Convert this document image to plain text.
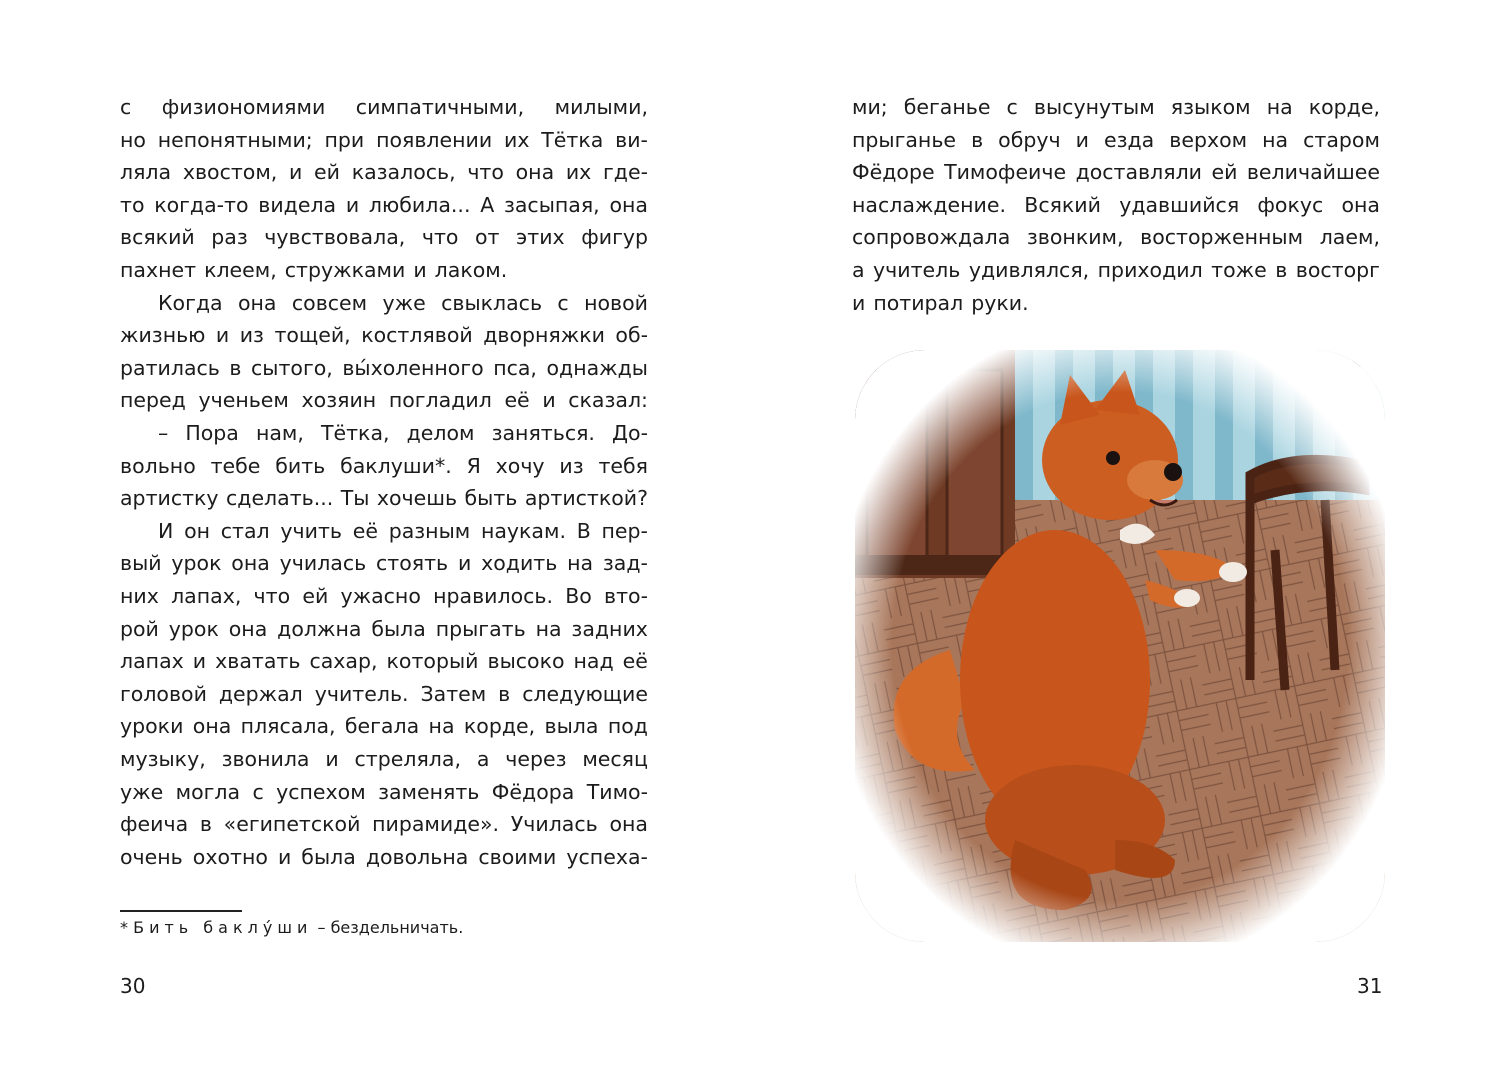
с физиономиями симпатичными, милыми,
но непонятными; при появлении их Тётка ви-
ляла хвостом, и ей казалось, что она их где-
то когда-то видела и любила... А засыпая, она
всякий раз чувствовала, что от этих фигур
пахнет клеем, стружками и лаком.
Когда она совсем уже свыклась с новой
жизнью и из тощей, костлявой дворняжки об-
ратилась в сытого, вы́холенного пса, однажды
перед ученьем хозяин погладил её и сказал:
– Пора нам, Тётка, делом заняться. До-
вольно тебе бить баклуши*. Я хочу из тебя
артистку сделать... Ты хочешь быть артисткой?
И он стал учить её разным наукам. В пер-
вый урок она училась стоять и ходить на зад-
них лапах, что ей ужасно нравилось. Во вто-
рой урок она должна была прыгать на задних
лапах и хватать сахар, который высоко над её
головой держал учитель. Затем в следующие
уроки она плясала, бегала на корде, выла под
музыку, звонила и стреляла, а через месяц
уже могла с успехом заменять Фёдора Тимо-
феича в «египетской пирамиде». Училась она
очень охотно и была довольна своими успеха-
* Бить баклу́ши – бездельничать.
30
ми; беганье с высунутым языком на корде,
прыганье в обруч и езда верхом на старом
Фёдоре Тимофеиче доставляли ей величайшее
наслаждение. Всякий удавшийся фокус она
сопровождала звонким, восторженным лаем,
а учитель удивлялся, приходил тоже в восторг
и потирал руки.
31
